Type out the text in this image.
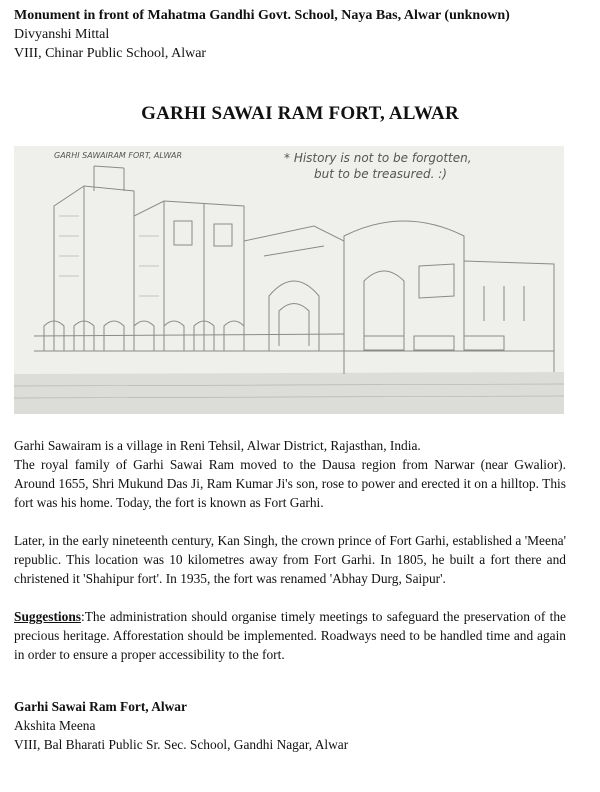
Monument in front of Mahatma Gandhi Govt. School, Naya Bas, Alwar (unknown)
Divyanshi Mittal
VIII, Chinar Public School, Alwar
GARHI SAWAI RAM FORT, ALWAR
GARHI SAWAIRAM FORT, ALWAR	* History is not to be forgotten,
but to be treasured. :)

Garhi Sawairam is a village in Reni Tehsil, Alwar District, Rajasthan, India.
The royal family of Garhi Sawai Ram moved to the Dausa region from Narwar (near Gwalior). Around 1655, Shri Mukund Das Ji, Ram Kumar Ji's son, rose to power and erected it on a hilltop. This fort was his home. Today, the fort is known as Fort Garhi.

Later, in the early nineteenth century, Kan Singh, the crown prince of Fort Garhi, established a 'Meena' republic. This location was 10 kilometres away from Fort Garhi. In 1805, he built a fort there and christened it 'Shahipur fort'. In 1935, the fort was renamed 'Abhay Durg, Saipur'.

Suggestions:The administration should organise timely meetings to safeguard the preservation of the precious heritage. Afforestation should be implemented. Roadways need to be handled time and again in order to ensure a proper accessibility to the fort.

Garhi Sawai Ram Fort, Alwar
Akshita Meena
VIII, Bal Bharati Public Sr. Sec. School, Gandhi Nagar, Alwar
